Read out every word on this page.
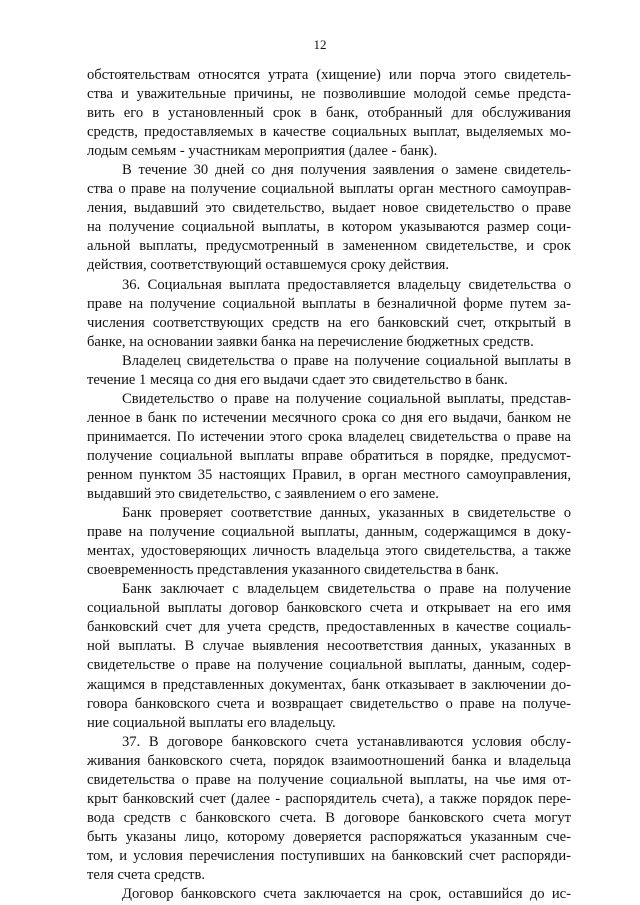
12
обстоятельствам относятся утрата (хищение) или порча этого свидетель-
ства и уважительные причины, не позволившие молодой семье предста-
вить его в установленный срок в банк, отобранный для обслуживания
средств, предоставляемых в качестве социальных выплат, выделяемых мо-
лодым семьям - участникам мероприятия (далее - банк).
В течение 30 дней со дня получения заявления о замене свидетель-
ства о праве на получение социальной выплаты орган местного самоуправ-
ления, выдавший это свидетельство, выдает новое свидетельство о праве
на получение социальной выплаты, в котором указываются размер соци-
альной выплаты, предусмотренный в замененном свидетельстве, и срок
действия, соответствующий оставшемуся сроку действия.
36. Социальная выплата предоставляется владельцу свидетельства о
праве на получение социальной выплаты в безналичной форме путем за-
числения соответствующих средств на его банковский счет, открытый в
банке, на основании заявки банка на перечисление бюджетных средств.
Владелец свидетельства о праве на получение социальной выплаты в
течение 1 месяца со дня его выдачи сдает это свидетельство в банк.
Свидетельство о праве на получение социальной выплаты, представ-
ленное в банк по истечении месячного срока со дня его выдачи, банком не
принимается. По истечении этого срока владелец свидетельства о праве на
получение социальной выплаты вправе обратиться в порядке, предусмот-
ренном пунктом 35 настоящих Правил, в орган местного самоуправления,
выдавший это свидетельство, с заявлением о его замене.
Банк проверяет соответствие данных, указанных в свидетельстве о
праве на получение социальной выплаты, данным, содержащимся в доку-
ментах, удостоверяющих личность владельца этого свидетельства, а также
своевременность представления указанного свидетельства в банк.
Банк заключает с владельцем свидетельства о праве на получение
социальной выплаты договор банковского счета и открывает на его имя
банковский счет для учета средств, предоставленных в качестве социаль-
ной выплаты. В случае выявления несоответствия данных, указанных в
свидетельстве о праве на получение социальной выплаты, данным, содер-
жащимся в представленных документах, банк отказывает в заключении до-
говора банковского счета и возвращает свидетельство о праве на получе-
ние социальной выплаты его владельцу.
37. В договоре банковского счета устанавливаются условия обслу-
живания банковского счета, порядок взаимоотношений банка и владельца
свидетельства о праве на получение социальной выплаты, на чье имя от-
крыт банковский счет (далее - распорядитель счета), а также порядок пере-
вода средств с банковского счета. В договоре банковского счета могут
быть указаны лицо, которому доверяется распоряжаться указанным сче-
том, и условия перечисления поступивших на банковский счет распоряди-
теля счета средств.
Договор банковского счета заключается на срок, оставшийся до ис-
